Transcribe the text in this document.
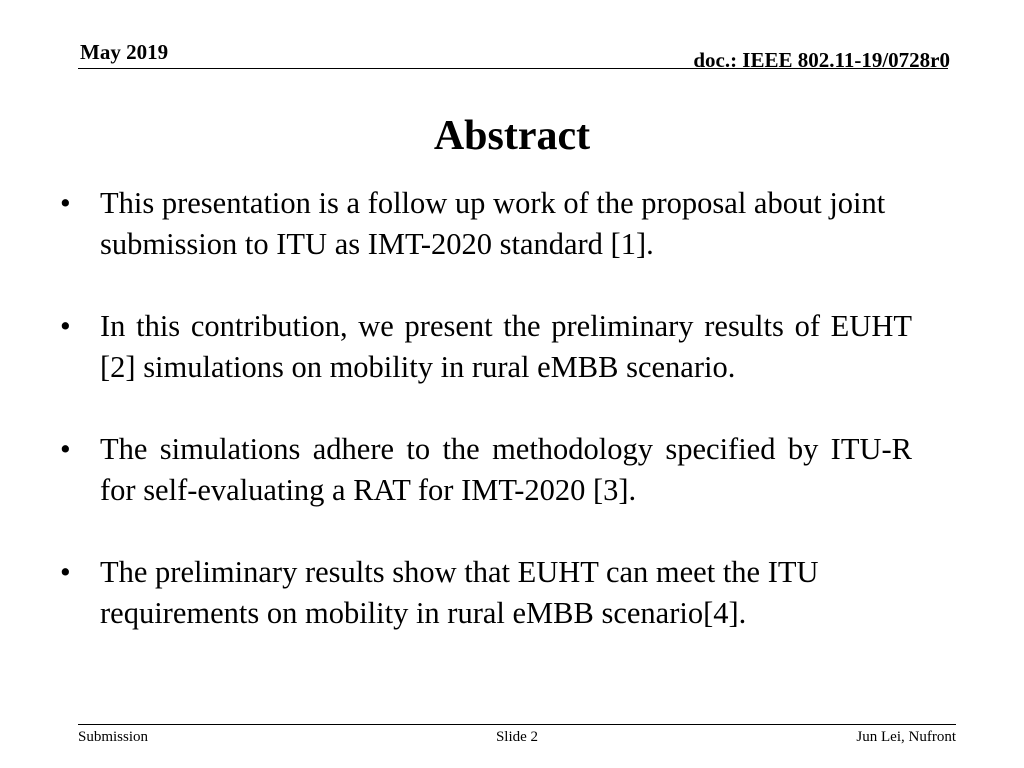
May 2019	doc.: IEEE 802.11-19/0728r0
Abstract
• This presentation is a follow up work of the proposal about joint submission to ITU as IMT-2020 standard [1].
• In this contribution, we present the preliminary results of EUHT [2] simulations on mobility in rural eMBB scenario.
• The simulations adhere to the methodology specified by ITU-R for self-evaluating a RAT for IMT-2020 [3].
• The preliminary results show that EUHT can meet the ITU requirements on mobility in rural eMBB scenario[4].
Submission	Slide 2	Jun Lei, Nufront
